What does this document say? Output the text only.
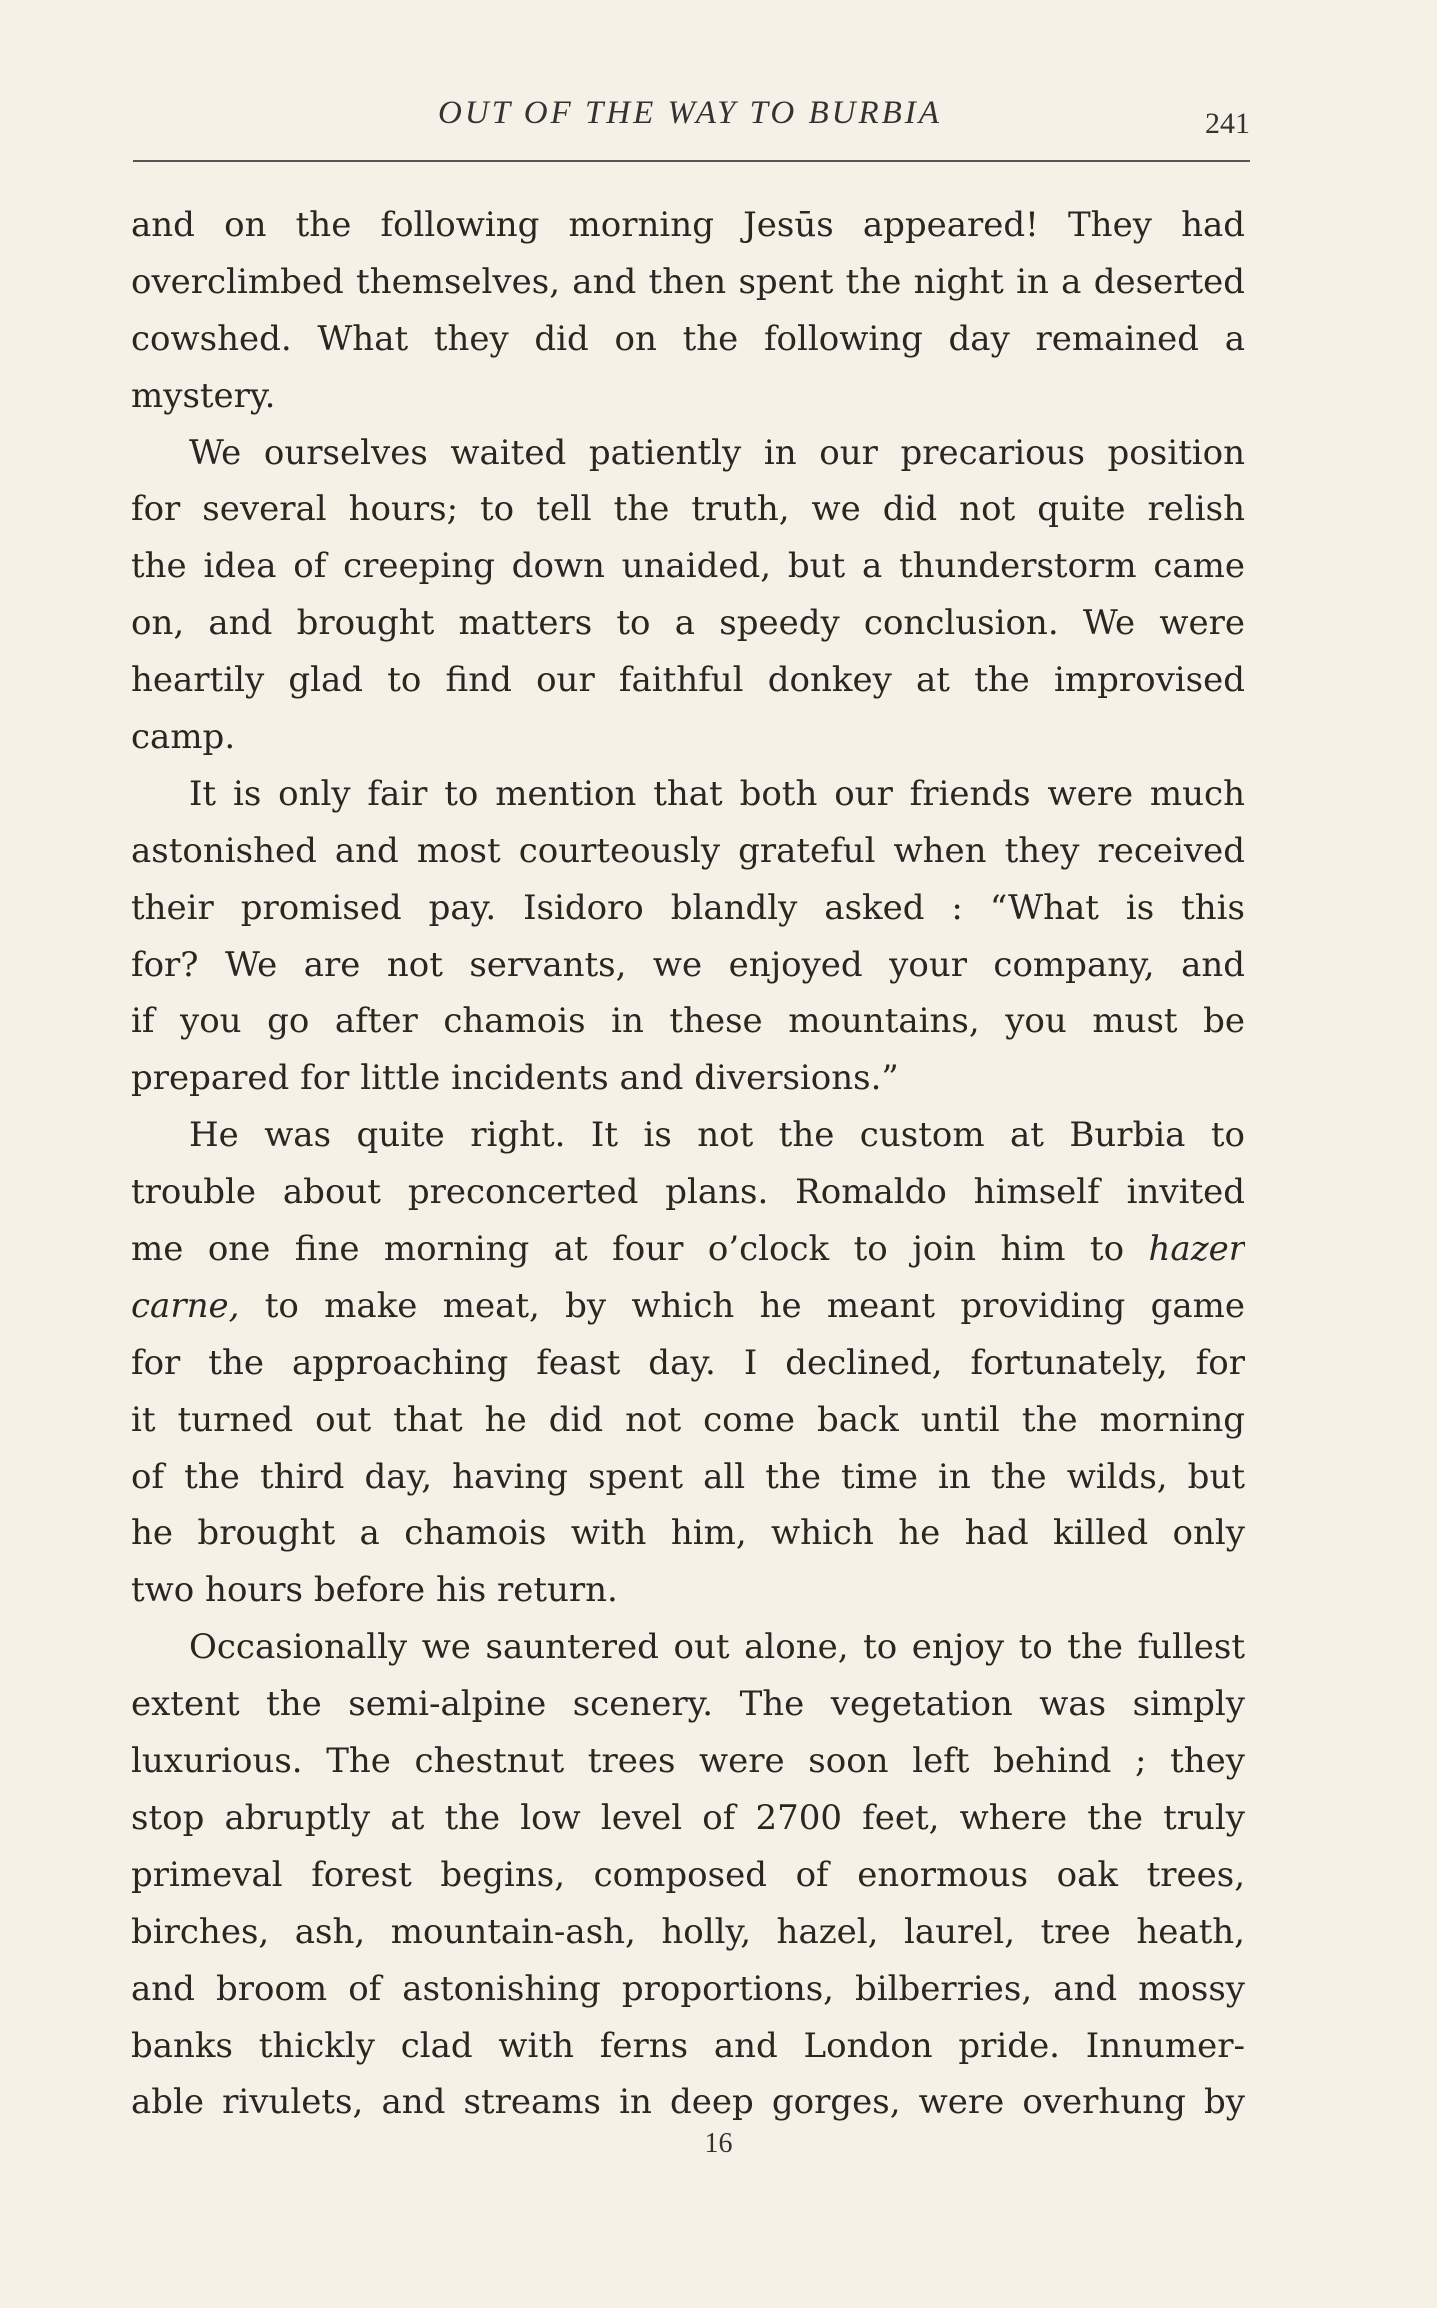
OUT OF THE WAY TO BURBIA	241
and on the following morning Jesūs appeared! They had
overclimbed themselves, and then spent the night in a deserted
cowshed. What they did on the following day remained a
mystery.
We ourselves waited patiently in our precarious position
for several hours; to tell the truth, we did not quite relish
the idea of creeping down unaided, but a thunderstorm came
on, and brought matters to a speedy conclusion. We were
heartily glad to find our faithful donkey at the improvised
camp.
It is only fair to mention that both our friends were much
astonished and most courteously grateful when they received
their promised pay. Isidoro blandly asked : “What is this
for? We are not servants, we enjoyed your company, and
if you go after chamois in these mountains, you must be
prepared for little incidents and diversions.”
He was quite right. It is not the custom at Burbia to
trouble about preconcerted plans. Romaldo himself invited
me one fine morning at four o’clock to join him to hazer
carne, to make meat, by which he meant providing game
for the approaching feast day. I declined, fortunately, for
it turned out that he did not come back until the morning
of the third day, having spent all the time in the wilds, but
he brought a chamois with him, which he had killed only
two hours before his return.
Occasionally we sauntered out alone, to enjoy to the fullest
extent the semi-alpine scenery. The vegetation was simply
luxurious. The chestnut trees were soon left behind ; they
stop abruptly at the low level of 2700 feet, where the truly
primeval forest begins, composed of enormous oak trees,
birches, ash, mountain-ash, holly, hazel, laurel, tree heath,
and broom of astonishing proportions, bilberries, and mossy
banks thickly clad with ferns and London pride. Innumer-
able rivulets, and streams in deep gorges, were overhung by
16
